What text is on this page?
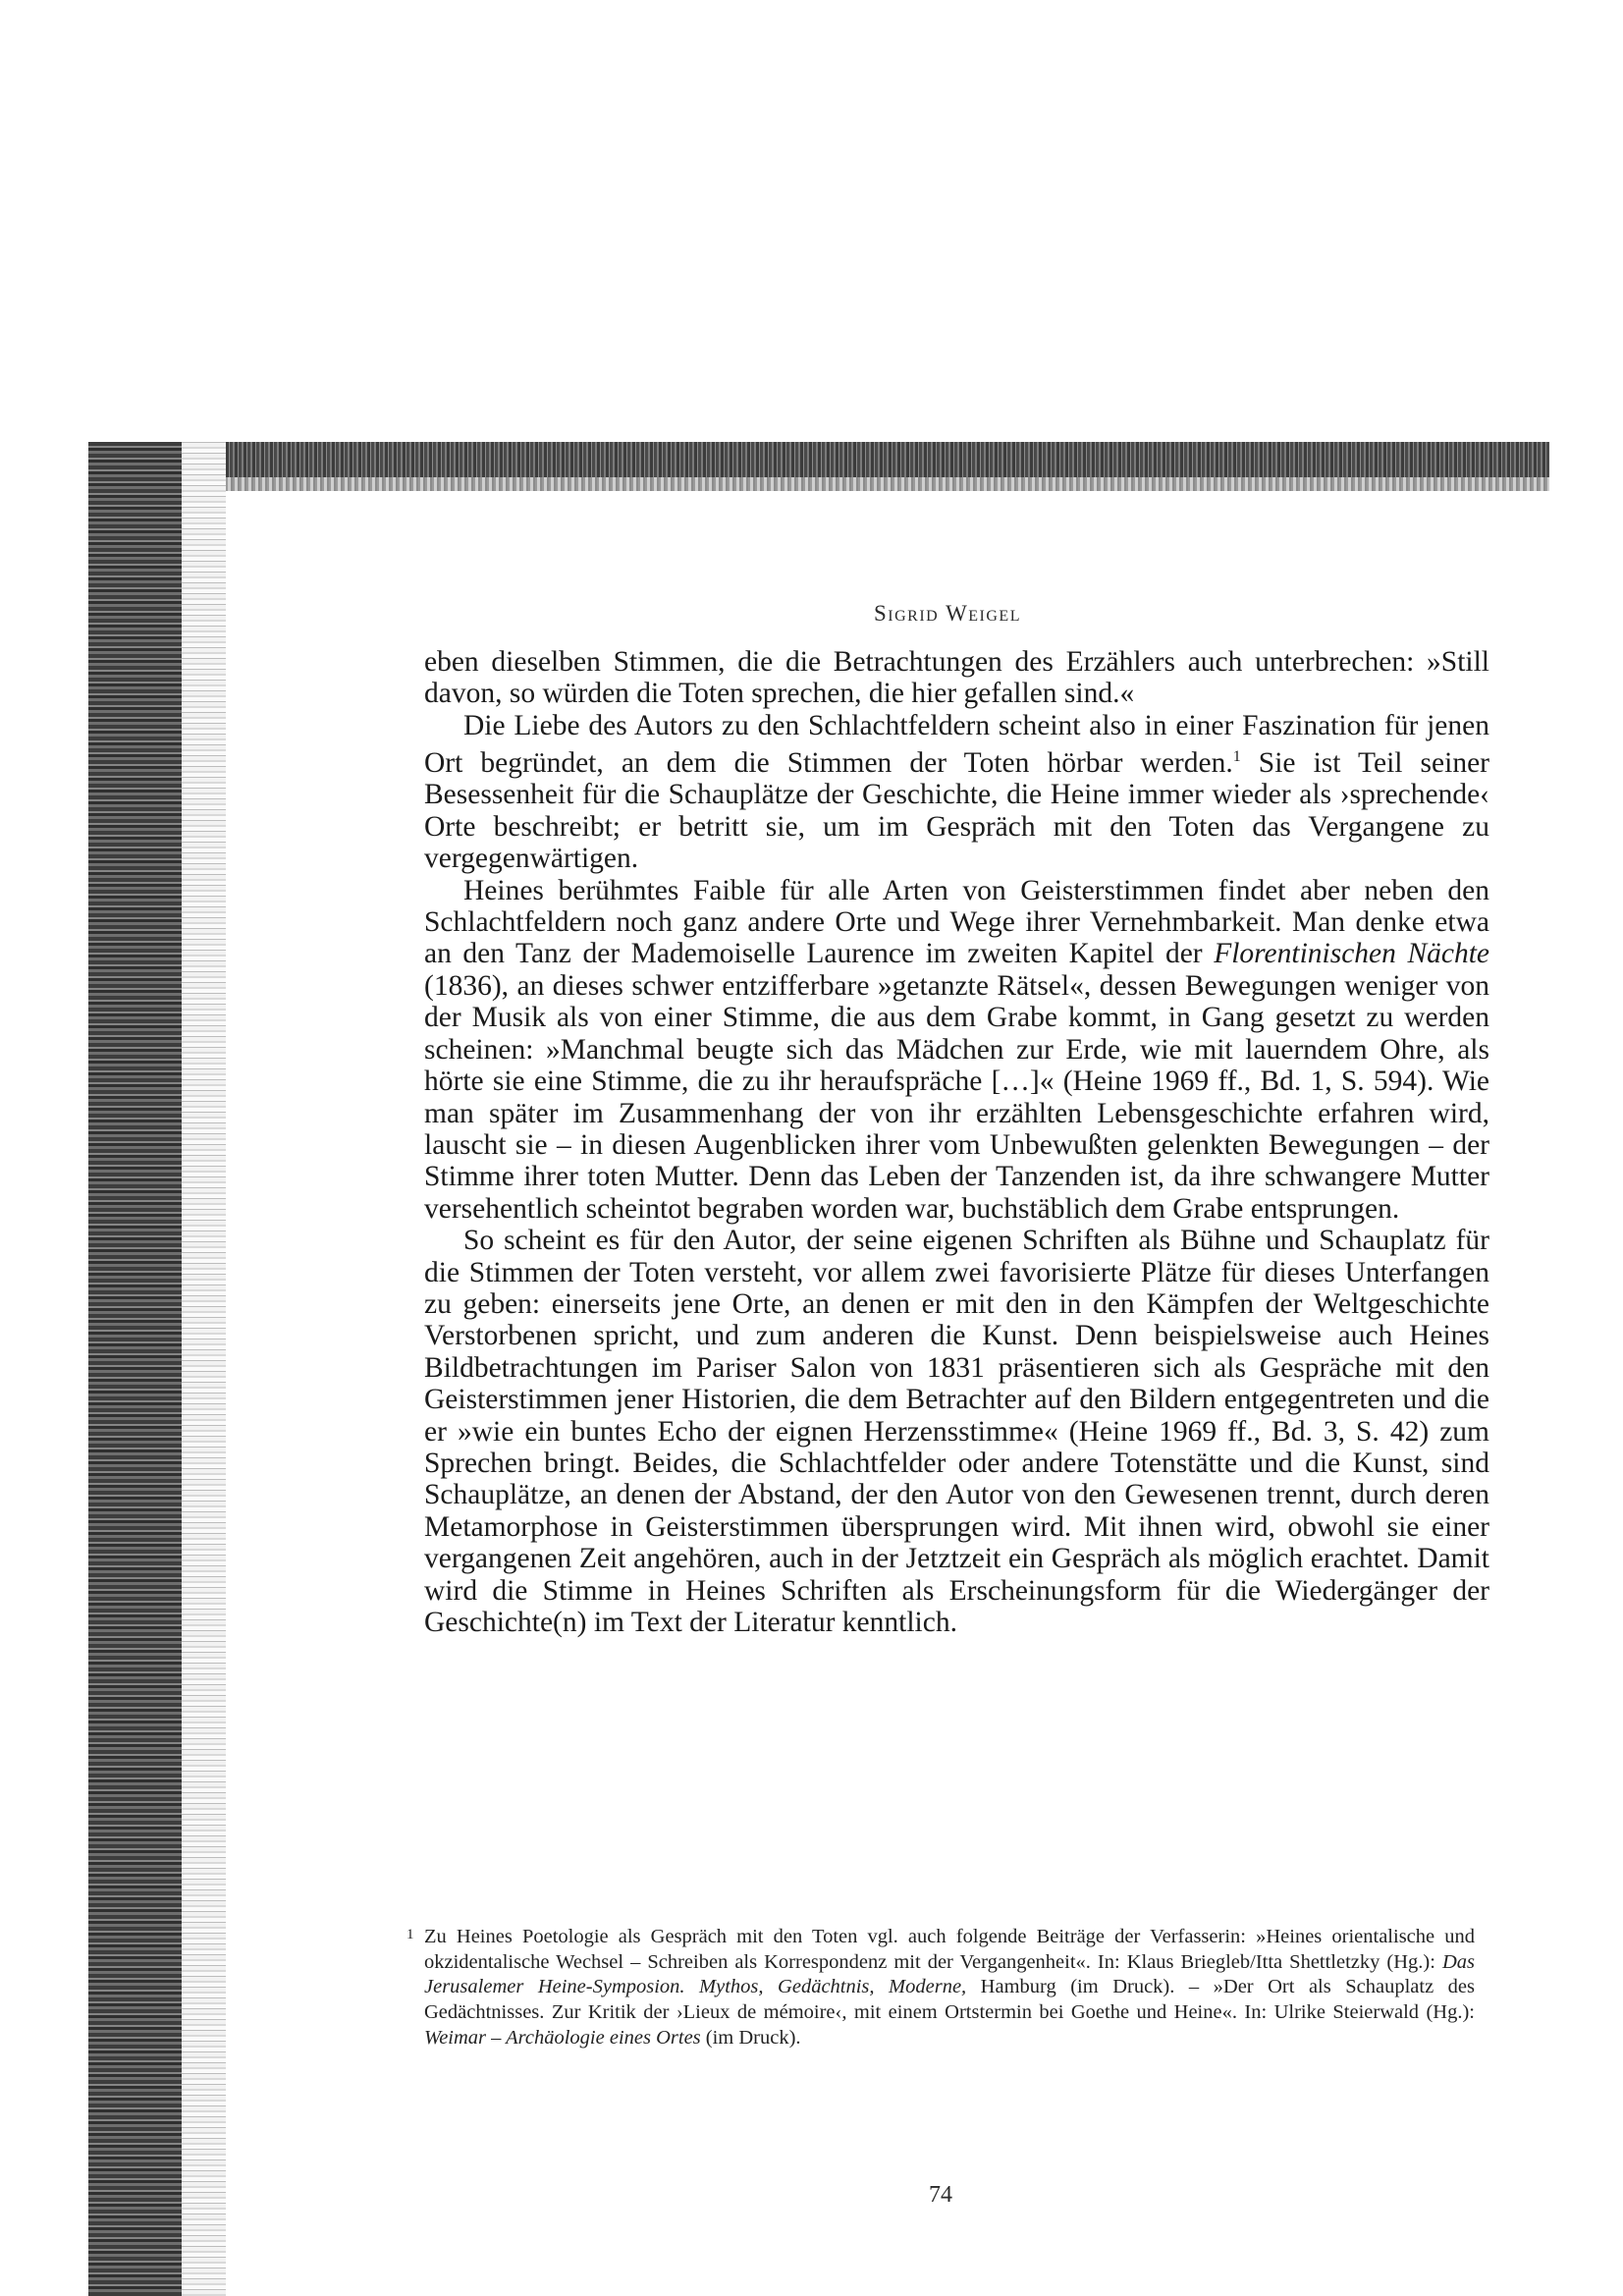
Sigrid Weigel

eben dieselben Stimmen, die die Betrachtungen des Erzählers auch unterbrechen: »Still davon, so würden die Toten sprechen, die hier gefallen sind.«

Die Liebe des Autors zu den Schlachtfeldern scheint also in einer Faszination für jenen Ort begründet, an dem die Stimmen der Toten hörbar werden.$^1$ Sie ist Teil seiner Besessenheit für die Schauplätze der Geschichte, die Heine immer wieder als ›sprechende‹ Orte beschreibt; er betritt sie, um im Gespräch mit den Toten das Vergangene zu vergegenwärtigen.

Heines berühmtes Faible für alle Arten von Geisterstimmen findet aber neben den Schlachtfeldern noch ganz andere Orte und Wege ihrer Vernehmbarkeit. Man denke etwa an den Tanz der Mademoiselle Laurence im zweiten Kapitel der Florentinischen Nächte (1836), an dieses schwer entzifferbare »getanzte Rätsel«, dessen Bewegungen weniger von der Musik als von einer Stimme, die aus dem Grabe kommt, in Gang gesetzt zu werden scheinen: »Manchmal beugte sich das Mädchen zur Erde, wie mit lauerndem Ohre, als hörte sie eine Stimme, die zu ihr heraufspräche […]« (Heine 1969 ff., Bd. 1, S. 594). Wie man später im Zusammenhang der von ihr erzählten Lebensgeschichte erfahren wird, lauscht sie – in diesen Augenblicken ihrer vom Unbewußten gelenkten Bewegungen – der Stimme ihrer toten Mutter. Denn das Leben der Tanzenden ist, da ihre schwangere Mutter versehentlich scheintot begraben worden war, buchstäblich dem Grabe entsprungen.

So scheint es für den Autor, der seine eigenen Schriften als Bühne und Schauplatz für die Stimmen der Toten versteht, vor allem zwei favorisierte Plätze für dieses Unterfangen zu geben: einerseits jene Orte, an denen er mit den in den Kämpfen der Weltgeschichte Verstorbenen spricht, und zum anderen die Kunst. Denn beispielsweise auch Heines Bildbetrachtungen im Pariser Salon von 1831 präsentieren sich als Gespräche mit den Geisterstimmen jener Historien, die dem Betrachter auf den Bildern entgegentreten und die er »wie ein buntes Echo der eignen Herzensstimme« (Heine 1969 ff., Bd. 3, S. 42) zum Sprechen bringt. Beides, die Schlachtfelder oder andere Totenstätte und die Kunst, sind Schauplätze, an denen der Abstand, der den Autor von den Gewesenen trennt, durch deren Metamorphose in Geisterstimmen übersprungen wird. Mit ihnen wird, obwohl sie einer vergangenen Zeit angehören, auch in der Jetztzeit ein Gespräch als möglich erachtet. Damit wird die Stimme in Heines Schriften als Erscheinungsform für die Wiedergänger der Geschichte(n) im Text der Literatur kenntlich.

1 Zu Heines Poetologie als Gespräch mit den Toten vgl. auch folgende Beiträge der Verfasserin: »Heines orientalische und okzidentalische Wechsel – Schreiben als Korrespondenz mit der Vergangenheit«. In: Klaus Briegleb/Itta Shettletzky (Hg.): Das Jerusalemer Heine-Symposion. Mythos, Gedächtnis, Moderne, Hamburg (im Druck). – »Der Ort als Schauplatz des Gedächtnisses. Zur Kritik der ›Lieux de mémoire‹, mit einem Ortstermin bei Goethe und Heine«. In: Ulrike Steierwald (Hg.): Weimar – Archäologie eines Ortes (im Druck).
74
